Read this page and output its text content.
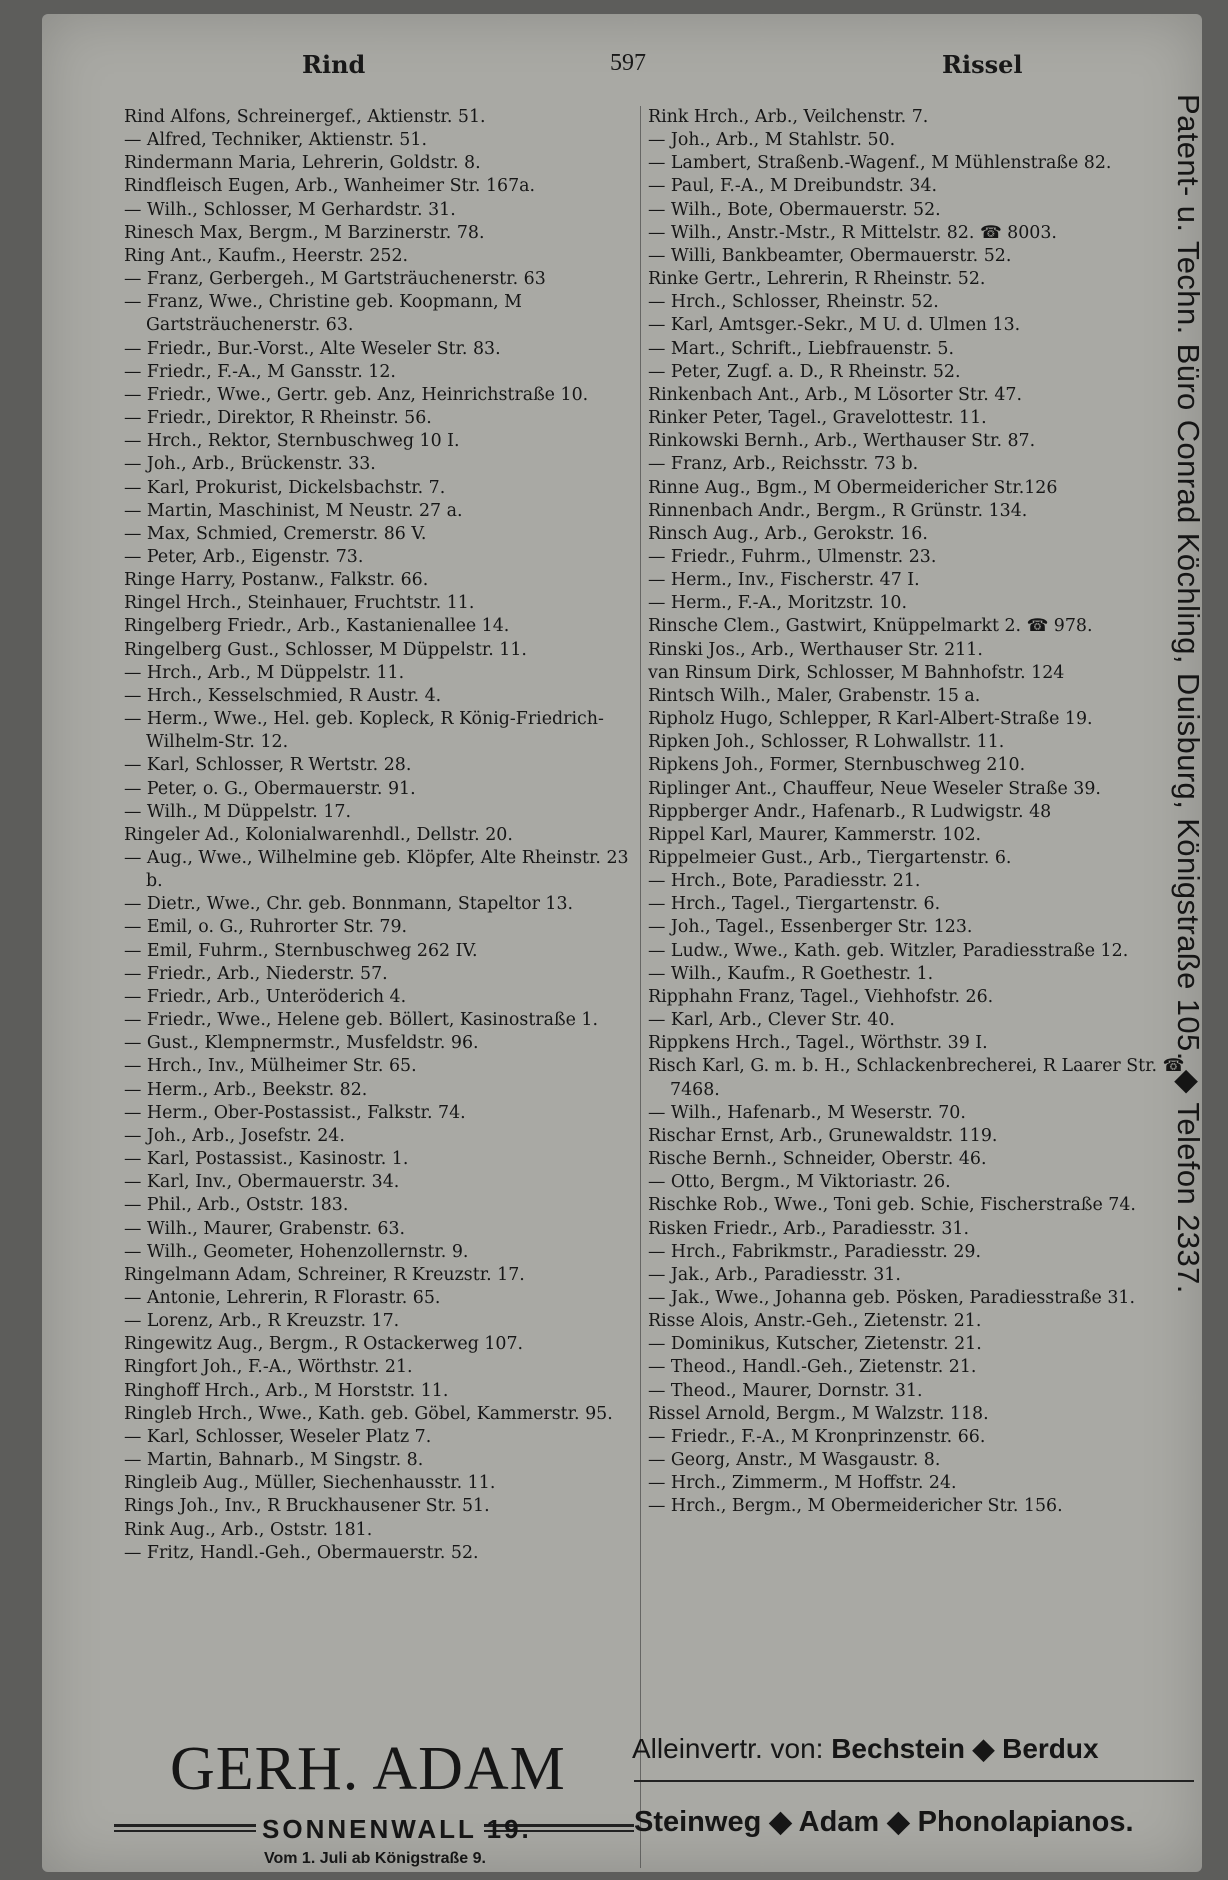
Rind	597	Rissel

Rind Alfons, Schreinergef., Aktienstr. 51.

— Alfred, Techniker, Aktienstr. 51.

Rindermann Maria, Lehrerin, Goldstr. 8.

Rindfleisch Eugen, Arb., Wanheimer Str. 167a.

— Wilh., Schlosser, M Gerhardstr. 31.

Rinesch Max, Bergm., M Barzinerstr. 78.

Ring Ant., Kaufm., Heerstr. 252.

— Franz, Gerbergeh., M Gartsträuchenerstr. 63

— Franz, Wwe., Christine geb. Koopmann, M Gartsträuchenerstr. 63.

— Friedr., Bur.-Vorst., Alte Weseler Str. 83.

— Friedr., F.-A., M Gansstr. 12.

— Friedr., Wwe., Gertr. geb. Anz, Heinrichstraße 10.

— Friedr., Direktor, R Rheinstr. 56.

— Hrch., Rektor, Sternbuschweg 10 I.

— Joh., Arb., Brückenstr. 33.

— Karl, Prokurist, Dickelsbachstr. 7.

— Martin, Maschinist, M Neustr. 27 a.

— Max, Schmied, Cremerstr. 86 V.

— Peter, Arb., Eigenstr. 73.

Ringe Harry, Postanw., Falkstr. 66.

Ringel Hrch., Steinhauer, Fruchtstr. 11.

Ringelberg Friedr., Arb., Kastanienallee 14.

Ringelberg Gust., Schlosser, M Düppelstr. 11.

— Hrch., Arb., M Düppelstr. 11.

— Hrch., Kesselschmied, R Austr. 4.

— Herm., Wwe., Hel. geb. Kopleck, R König-Friedrich-Wilhelm-Str. 12.

— Karl, Schlosser, R Wertstr. 28.

— Peter, o. G., Obermauerstr. 91.

— Wilh., M Düppelstr. 17.

Ringeler Ad., Kolonialwarenhdl., Dellstr. 20.

— Aug., Wwe., Wilhelmine geb. Klöpfer, Alte Rheinstr. 23 b.

— Dietr., Wwe., Chr. geb. Bonnmann, Stapeltor 13.

— Emil, o. G., Ruhrorter Str. 79.

— Emil, Fuhrm., Sternbuschweg 262 IV.

— Friedr., Arb., Niederstr. 57.

— Friedr., Arb., Unteröderich 4.

— Friedr., Wwe., Helene geb. Böllert, Kasinostraße 1.

— Gust., Klempnermstr., Musfeldstr. 96.

— Hrch., Inv., Mülheimer Str. 65.

— Herm., Arb., Beekstr. 82.

— Herm., Ober-Postassist., Falkstr. 74.

— Joh., Arb., Josefstr. 24.

— Karl, Postassist., Kasinostr. 1.

— Karl, Inv., Obermauerstr. 34.

— Phil., Arb., Oststr. 183.

— Wilh., Maurer, Grabenstr. 63.

— Wilh., Geometer, Hohenzollernstr. 9.

Ringelmann Adam, Schreiner, R Kreuzstr. 17.

— Antonie, Lehrerin, R Florastr. 65.

— Lorenz, Arb., R Kreuzstr. 17.

Ringewitz Aug., Bergm., R Ostackerweg 107.

Ringfort Joh., F.-A., Wörthstr. 21.

Ringhoff Hrch., Arb., M Horststr. 11.

Ringleb Hrch., Wwe., Kath. geb. Göbel, Kammerstr. 95.

— Karl, Schlosser, Weseler Platz 7.

— Martin, Bahnarb., M Singstr. 8.

Ringleib Aug., Müller, Siechenhausstr. 11.

Rings Joh., Inv., R Bruckhausener Str. 51.

Rink Aug., Arb., Oststr. 181.

— Fritz, Handl.-Geh., Obermauerstr. 52.

Rink Hrch., Arb., Veilchenstr. 7.

— Joh., Arb., M Stahlstr. 50.

— Lambert, Straßenb.-Wagenf., M Mühlenstraße 82.

— Paul, F.-A., M Dreibundstr. 34.

— Wilh., Bote, Obermauerstr. 52.

— Wilh., Anstr.-Mstr., R Mittelstr. 82. ☎ 8003.

— Willi, Bankbeamter, Obermauerstr. 52.

Rinke Gertr., Lehrerin, R Rheinstr. 52.

— Hrch., Schlosser, Rheinstr. 52.

— Karl, Amtsger.-Sekr., M U. d. Ulmen 13.

— Mart., Schrift., Liebfrauenstr. 5.

— Peter, Zugf. a. D., R Rheinstr. 52.

Rinkenbach Ant., Arb., M Lösorter Str. 47.

Rinker Peter, Tagel., Gravelottestr. 11.

Rinkowski Bernh., Arb., Werthauser Str. 87.

— Franz, Arb., Reichsstr. 73 b.

Rinne Aug., Bgm., M Obermeidericher Str.126

Rinnenbach Andr., Bergm., R Grünstr. 134.

Rinsch Aug., Arb., Gerokstr. 16.

— Friedr., Fuhrm., Ulmenstr. 23.

— Herm., Inv., Fischerstr. 47 I.

— Herm., F.-A., Moritzstr. 10.

Rinsche Clem., Gastwirt, Knüppelmarkt 2. ☎ 978.

Rinski Jos., Arb., Werthauser Str. 211.

van Rinsum Dirk, Schlosser, M Bahnhofstr. 124

Rintsch Wilh., Maler, Grabenstr. 15 a.

Ripholz Hugo, Schlepper, R Karl-Albert-Straße 19.

Ripken Joh., Schlosser, R Lohwallstr. 11.

Ripkens Joh., Former, Sternbuschweg 210.

Riplinger Ant., Chauffeur, Neue Weseler Straße 39.

Rippberger Andr., Hafenarb., R Ludwigstr. 48

Rippel Karl, Maurer, Kammerstr. 102.

Rippelmeier Gust., Arb., Tiergartenstr. 6.

— Hrch., Bote, Paradiesstr. 21.

— Hrch., Tagel., Tiergartenstr. 6.

— Joh., Tagel., Essenberger Str. 123.

— Ludw., Wwe., Kath. geb. Witzler, Paradiesstraße 12.

— Wilh., Kaufm., R Goethestr. 1.

Ripphahn Franz, Tagel., Viehhofstr. 26.

— Karl, Arb., Clever Str. 40.

Rippkens Hrch., Tagel., Wörthstr. 39 I.

Risch Karl, G. m. b. H., Schlackenbrecherei, R Laarer Str. ☎ 7468.

— Wilh., Hafenarb., M Weserstr. 70.

Rischar Ernst, Arb., Grunewaldstr. 119.

Rische Bernh., Schneider, Oberstr. 46.

— Otto, Bergm., M Viktoriastr. 26.

Rischke Rob., Wwe., Toni geb. Schie, Fischerstraße 74.

Risken Friedr., Arb., Paradiesstr. 31.

— Hrch., Fabrikmstr., Paradiesstr. 29.

— Jak., Arb., Paradiesstr. 31.

— Jak., Wwe., Johanna geb. Pösken, Paradiesstraße 31.

Risse Alois, Anstr.-Geh., Zietenstr. 21.

— Dominikus, Kutscher, Zietenstr. 21.

— Theod., Handl.-Geh., Zietenstr. 21.

— Theod., Maurer, Dornstr. 31.

Rissel Arnold, Bergm., M Walzstr. 118.

— Friedr., F.-A., M Kronprinzenstr. 66.

— Georg, Anstr., M Wasgaustr. 8.

— Hrch., Zimmerm., M Hoffstr. 24.

— Hrch., Bergm., M Obermeidericher Str. 156.

Patent- u. Techn. Büro Conrad Köchling, Duisburg, Königstraße 105. ◆ Telefon 2337.
GERH. ADAM
SONNENWALL 19.
Vom 1. Juli ab Königstraße 9.
Alleinvertr. von: Bechstein ◆ Berdux
Steinweg ◆ Adam ◆ Phonolapianos.
